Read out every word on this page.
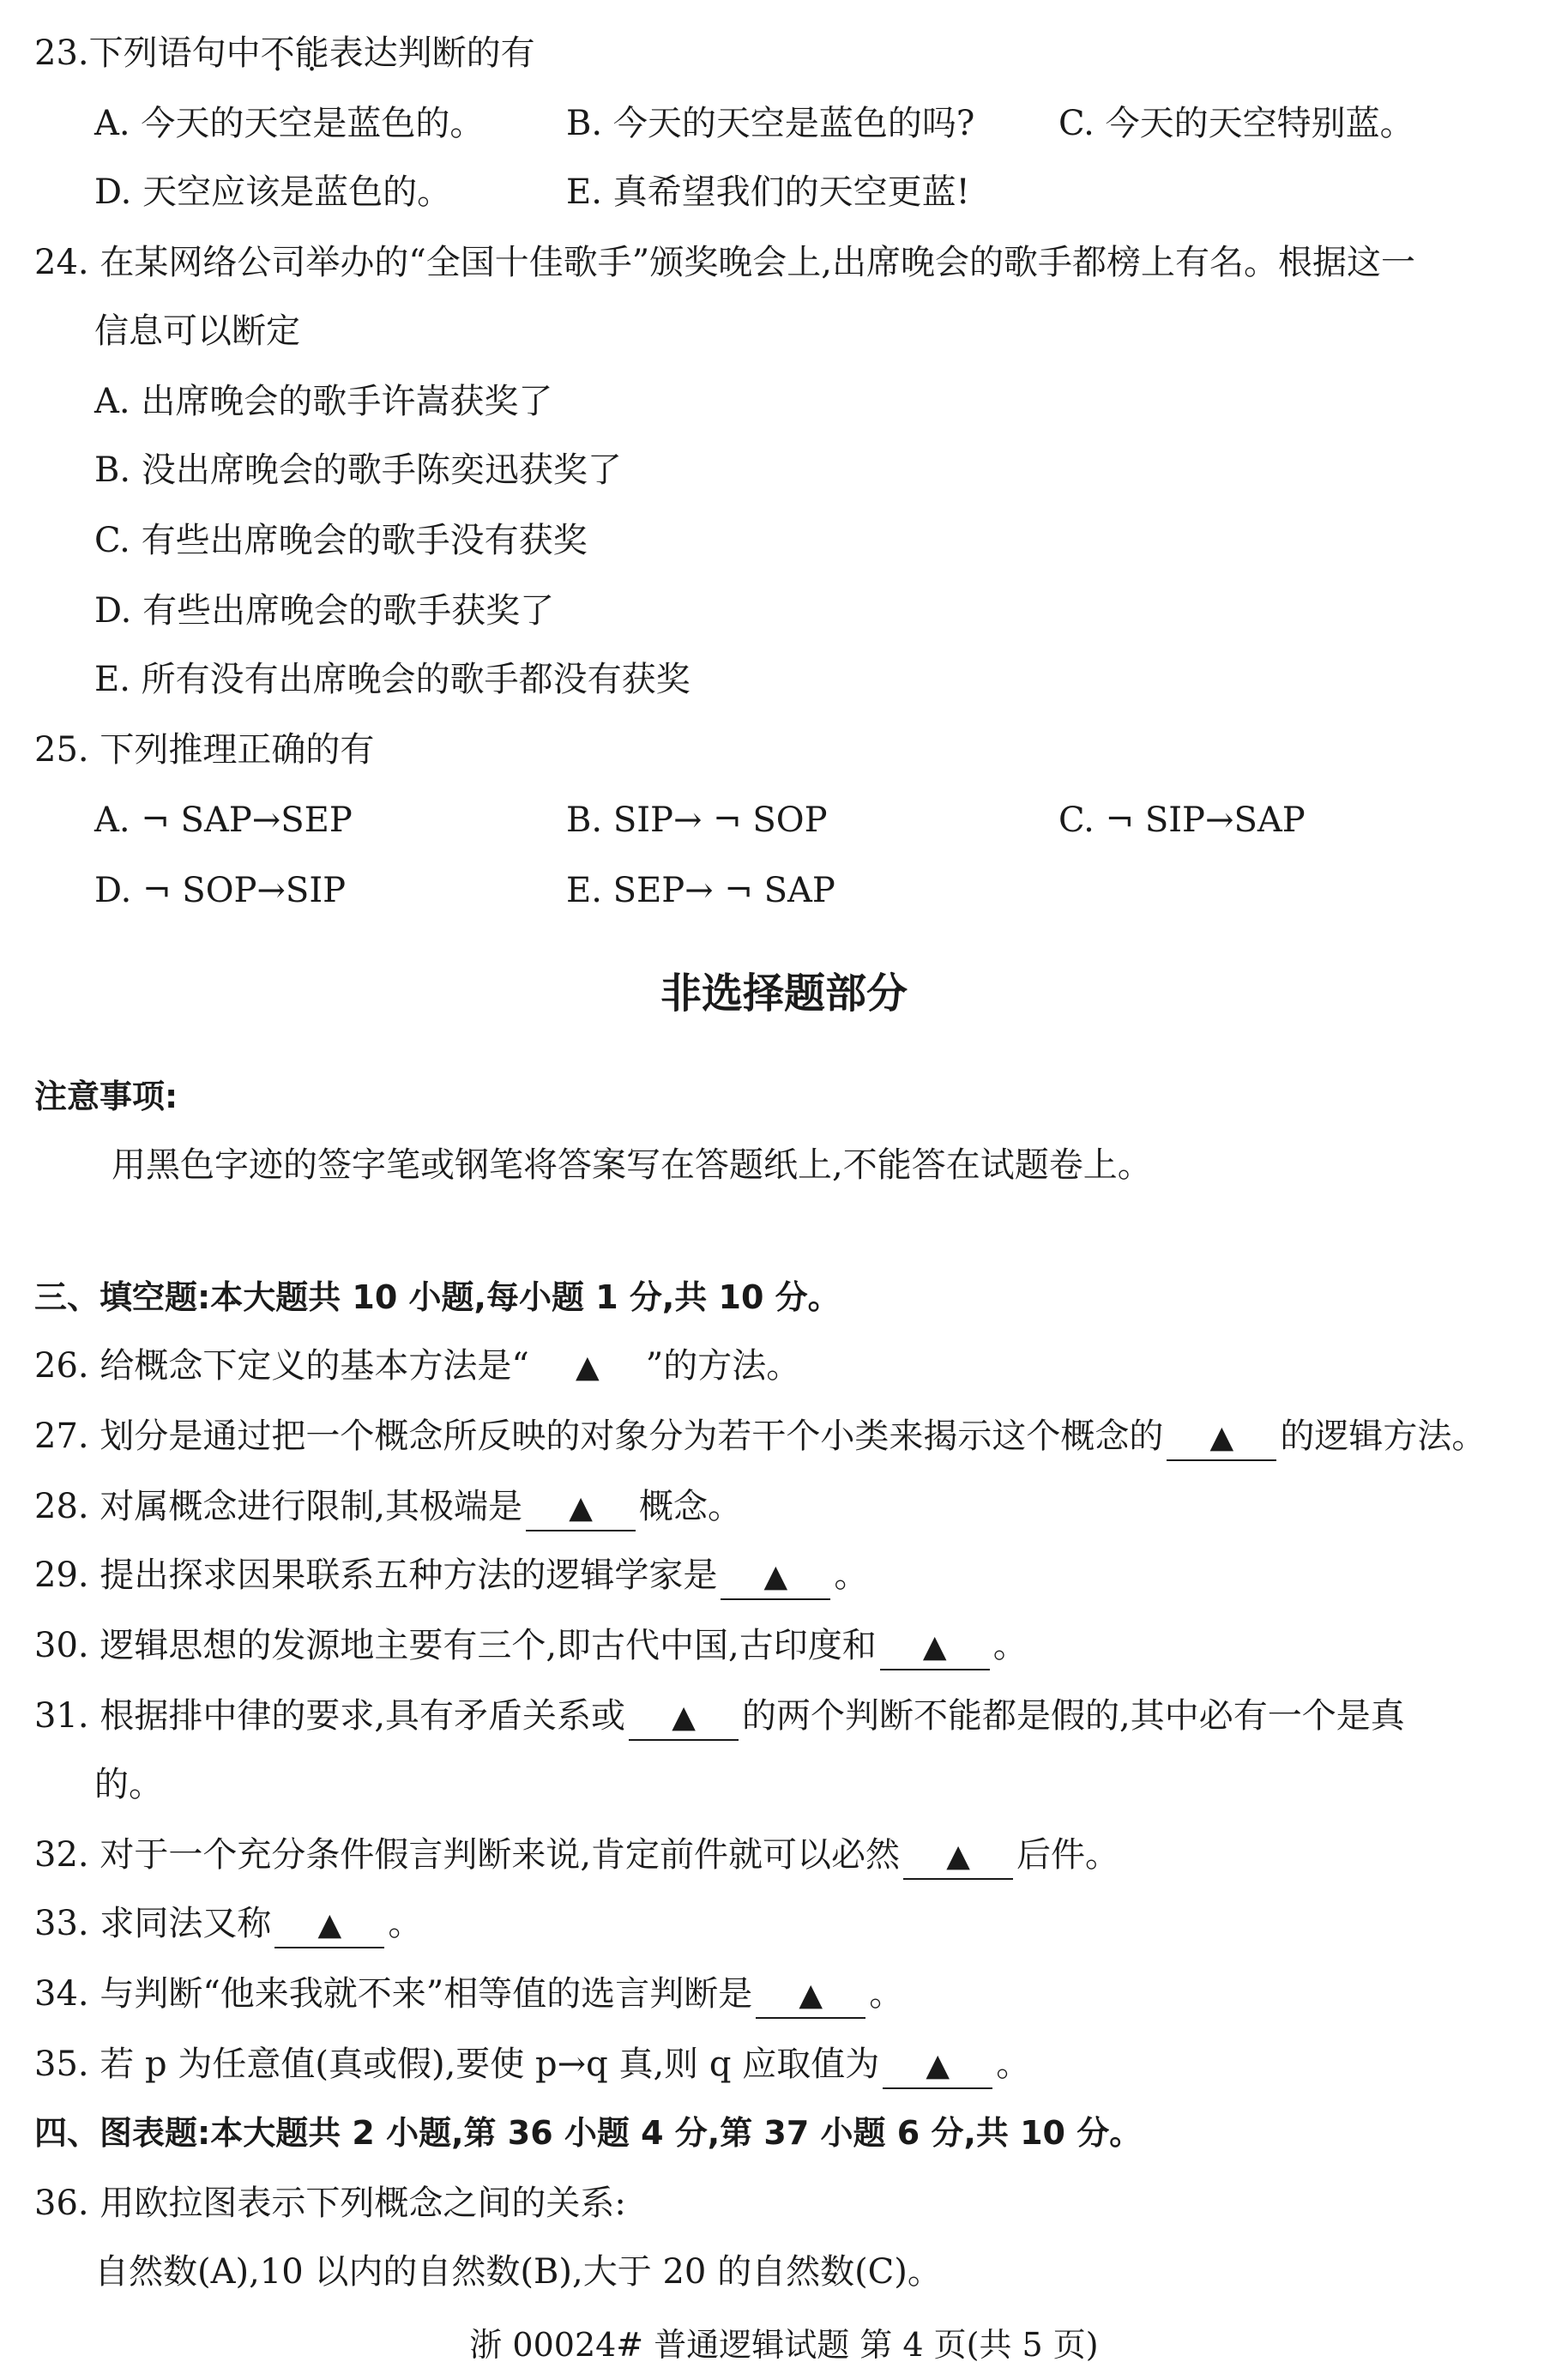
23.下列语句中不能表达判断的有
A. 今天的天空是蓝色的。 B. 今天的天空是蓝色的吗? C. 今天的天空特别蓝。
D. 天空应该是蓝色的。	E. 真希望我们的天空更蓝!
24. 在某网络公司举办的“全国十佳歌手”颁奖晚会上,出席晚会的歌手都榜上有名。根据这一
信息可以断定
A. 出席晚会的歌手许嵩获奖了
B. 没出席晚会的歌手陈奕迅获奖了
C. 有些出席晚会的歌手没有获奖
D. 有些出席晚会的歌手获奖了
E. 所有没有出席晚会的歌手都没有获奖
25. 下列推理正确的有
A. ¬ SAP→SEP	B. SIP→ ¬ SOP	C. ¬ SIP→SAP
D. ¬ SOP→SIP	E. SEP→ ¬ SAP
非选择题部分
注意事项:
用黑色字迹的签字笔或钢笔将答案写在答题纸上,不能答在试题卷上。
三、填空题:本大题共 10 小题,每小题 1 分,共 10 分。
26. 给概念下定义的基本方法是“ ▲ ”的方法。
27. 划分是通过把一个概念所反映的对象分为若干个小类来揭示这个概念的 ▲ 的逻辑方法。
28. 对属概念进行限制,其极端是 ▲ 概念。
29. 提出探求因果联系五种方法的逻辑学家是 ▲ 。
30. 逻辑思想的发源地主要有三个,即古代中国,古印度和 ▲ 。
31. 根据排中律的要求,具有矛盾关系或 ▲ 的两个判断不能都是假的,其中必有一个是真
的。
32. 对于一个充分条件假言判断来说,肯定前件就可以必然 ▲ 后件。
33. 求同法又称 ▲ 。
34. 与判断“他来我就不来”相等值的选言判断是 ▲ 。
35. 若 p 为任意值(真或假),要使 p→q 真,则 q 应取值为 ▲ 。
四、图表题:本大题共 2 小题,第 36 小题 4 分,第 37 小题 6 分,共 10 分。
36. 用欧拉图表示下列概念之间的关系:
自然数(A),10 以内的自然数(B),大于 20 的自然数(C)。
浙 00024# 普通逻辑试题 第 4 页(共 5 页)
